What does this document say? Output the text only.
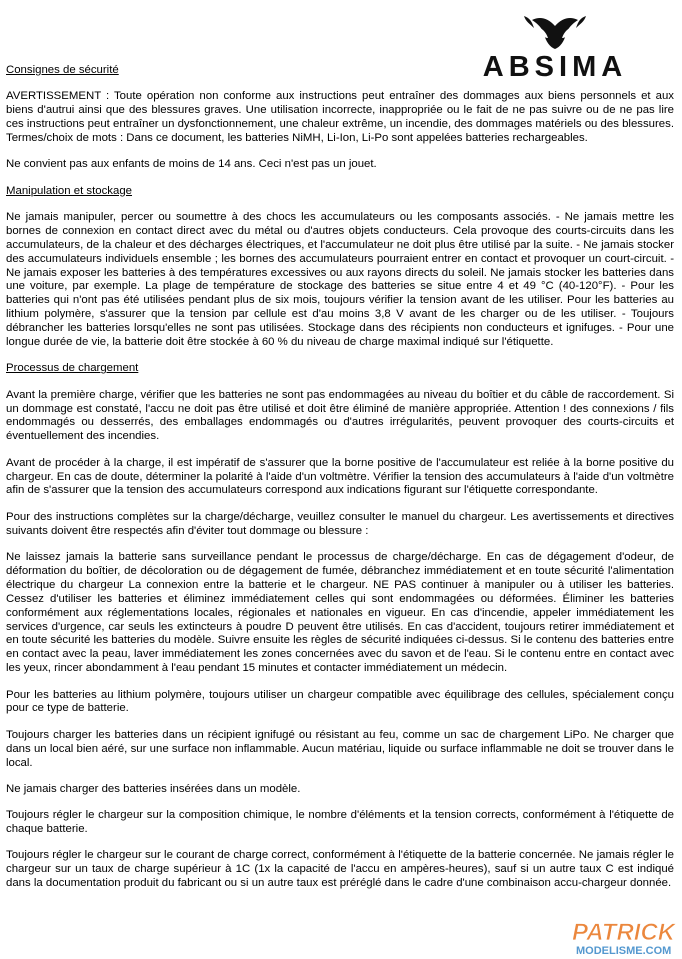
ABSIMA
Consignes de sécurité

AVERTISSEMENT : Toute opération non conforme aux instructions peut entraîner des dommages aux biens personnels et aux biens d'autrui ainsi que des blessures graves. Une utilisation incorrecte, inappropriée ou le fait de ne pas suivre ou de ne pas lire ces instructions peut entraîner un dysfonctionnement, une chaleur extrême, un incendie, des dommages matériels ou des blessures. Termes/choix de mots : Dans ce document, les batteries NiMH, Li-Ion, Li-Po sont appelées batteries rechargeables.

Ne convient pas aux enfants de moins de 14 ans. Ceci n'est pas un jouet.

Manipulation et stockage

Ne jamais manipuler, percer ou soumettre à des chocs les accumulateurs ou les composants associés. - Ne jamais mettre les bornes de connexion en contact direct avec du métal ou d'autres objets conducteurs. Cela provoque des courts-circuits dans les accumulateurs, de la chaleur et des décharges électriques, et l'accumulateur ne doit plus être utilisé par la suite. - Ne jamais stocker des accumulateurs individuels ensemble ; les bornes des accumulateurs pourraient entrer en contact et provoquer un court-circuit. - Ne jamais exposer les batteries à des températures excessives ou aux rayons directs du soleil. Ne jamais stocker les batteries dans une voiture, par exemple. La plage de température de stockage des batteries se situe entre 4 et 49 °C (40-120°F). - Pour les batteries qui n'ont pas été utilisées pendant plus de six mois, toujours vérifier la tension avant de les utiliser. Pour les batteries au lithium polymère, s'assurer que la tension par cellule est d'au moins 3,8 V avant de les charger ou de les utiliser. - Toujours débrancher les batteries lorsqu'elles ne sont pas utilisées. Stockage dans des récipients non conducteurs et ignifuges. - Pour une longue durée de vie, la batterie doit être stockée à 60 % du niveau de charge maximal indiqué sur l'étiquette.

Processus de chargement

Avant la première charge, vérifier que les batteries ne sont pas endommagées au niveau du boîtier et du câble de raccordement. Si un dommage est constaté, l'accu ne doit pas être utilisé et doit être éliminé de manière appropriée. Attention ! des connexions / fils endommagés ou desserrés, des emballages endommagés ou d'autres irrégularités, peuvent provoquer des courts-circuits et éventuellement des incendies.

Avant de procéder à la charge, il est impératif de s'assurer que la borne positive de l'accumulateur est reliée à la borne positive du chargeur. En cas de doute, déterminer la polarité à l'aide d'un voltmètre. Vérifier la tension des accumulateurs à l'aide d'un voltmètre afin de s'assurer que la tension des accumulateurs correspond aux indications figurant sur l'étiquette correspondante.

Pour des instructions complètes sur la charge/décharge, veuillez consulter le manuel du chargeur. Les avertissements et directives suivants doivent être respectés afin d'éviter tout dommage ou blessure :

Ne laissez jamais la batterie sans surveillance pendant le processus de charge/décharge. En cas de dégagement d'odeur, de déformation du boîtier, de décoloration ou de dégagement de fumée, débranchez immédiatement et en toute sécurité l'alimentation électrique du chargeur La connexion entre la batterie et le chargeur. NE PAS continuer à manipuler ou à utiliser les batteries. Cessez d'utiliser les batteries et éliminez immédiatement celles qui sont endommagées ou déformées. Éliminer les batteries conformément aux réglementations locales, régionales et nationales en vigueur. En cas d'incendie, appeler immédiatement les services d'urgence, car seuls les extincteurs à poudre D peuvent être utilisés. En cas d'accident, toujours retirer immédiatement et en toute sécurité les batteries du modèle. Suivre ensuite les règles de sécurité indiquées ci-dessus. Si le contenu des batteries entre en contact avec la peau, laver immédiatement les zones concernées avec du savon et de l'eau. Si le contenu entre en contact avec les yeux, rincer abondamment à l'eau pendant 15 minutes et contacter immédiatement un médecin.

Pour les batteries au lithium polymère, toujours utiliser un chargeur compatible avec équilibrage des cellules, spécialement conçu pour ce type de batterie.

Toujours charger les batteries dans un récipient ignifugé ou résistant au feu, comme un sac de chargement LiPo. Ne charger que dans un local bien aéré, sur une surface non inflammable. Aucun matériau, liquide ou surface inflammable ne doit se trouver dans le local.

Ne jamais charger des batteries insérées dans un modèle.

Toujours régler le chargeur sur la composition chimique, le nombre d'éléments et la tension corrects, conformément à l'étiquette de chaque batterie.

Toujours régler le chargeur sur le courant de charge correct, conformément à l'étiquette de la batterie concernée. Ne jamais régler le chargeur sur un taux de charge supérieur à 1C (1x la capacité de l'accu en ampères-heures), sauf si un autre taux C est indiqué dans la documentation produit du fabricant ou si un autre taux est préréglé dans le cadre d'une combinaison accu-chargeur donnée.

PATRICK
MODELISME.COM
